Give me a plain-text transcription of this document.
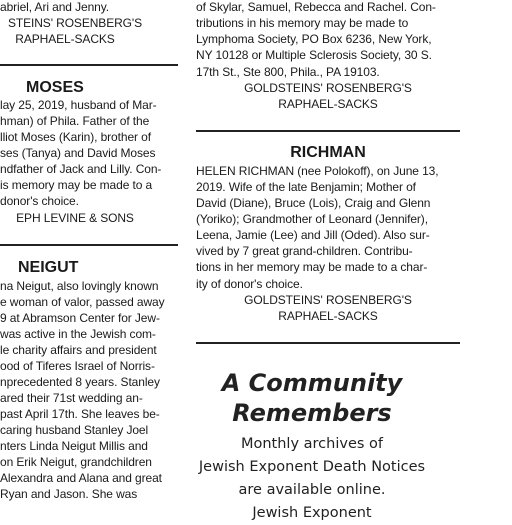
abriel, Ari and Jenny.
STEINS' ROSENBERG'S
RAPHAEL-SACKS
MOSES
lay 25, 2019, husband of Mar-
hman) of Phila. Father of the
lliot Moses (Karin), brother of
ses (Tanya) and David Moses
ndfather of Jack and Lilly. Con-
is memory may be made to a
donor's choice.
EPH LEVINE & SONS
NEIGUT
na Neigut, also lovingly known
e woman of valor, passed away
9 at Abramson Center for Jew-
was active in the Jewish com-
le charity affairs and president
ood of Tiferes Israel of Norris-
nprecedented 8 years. Stanley
ared their 71st wedding an-
past April 17th. She leaves be-
caring husband Stanley Joel
nters Linda Neigut Millis and
on Erik Neigut, grandchildren
Alexandra and Alana and great
Ryan and Jason. She was
of Skylar, Samuel, Rebecca and Rachel. Con-
tributions in his memory may be made to
Lymphoma Society, PO Box 6236, New York,
NY 10128 or Multiple Sclerosis Society, 30 S.
17th St., Ste 800, Phila., PA 19103.
GOLDSTEINS' ROSENBERG'S
RAPHAEL-SACKS
RICHMAN
HELEN RICHMAN (nee Polokoff), on June 13,
2019. Wife of the late Benjamin; Mother of
David (Diane), Bruce (Lois), Craig and Glenn
(Yoriko); Grandmother of Leonard (Jennifer),
Leena, Jamie (Lee) and Jill (Oded). Also sur-
vived by 7 great grand-children. Contribu-
tions in her memory may be made to a char-
ity of donor's choice.
GOLDSTEINS' ROSENBERG'S
RAPHAEL-SACKS
A Community
Remembers
Monthly archives of
Jewish Exponent Death Notices
are available online.
Jewish Exponent
